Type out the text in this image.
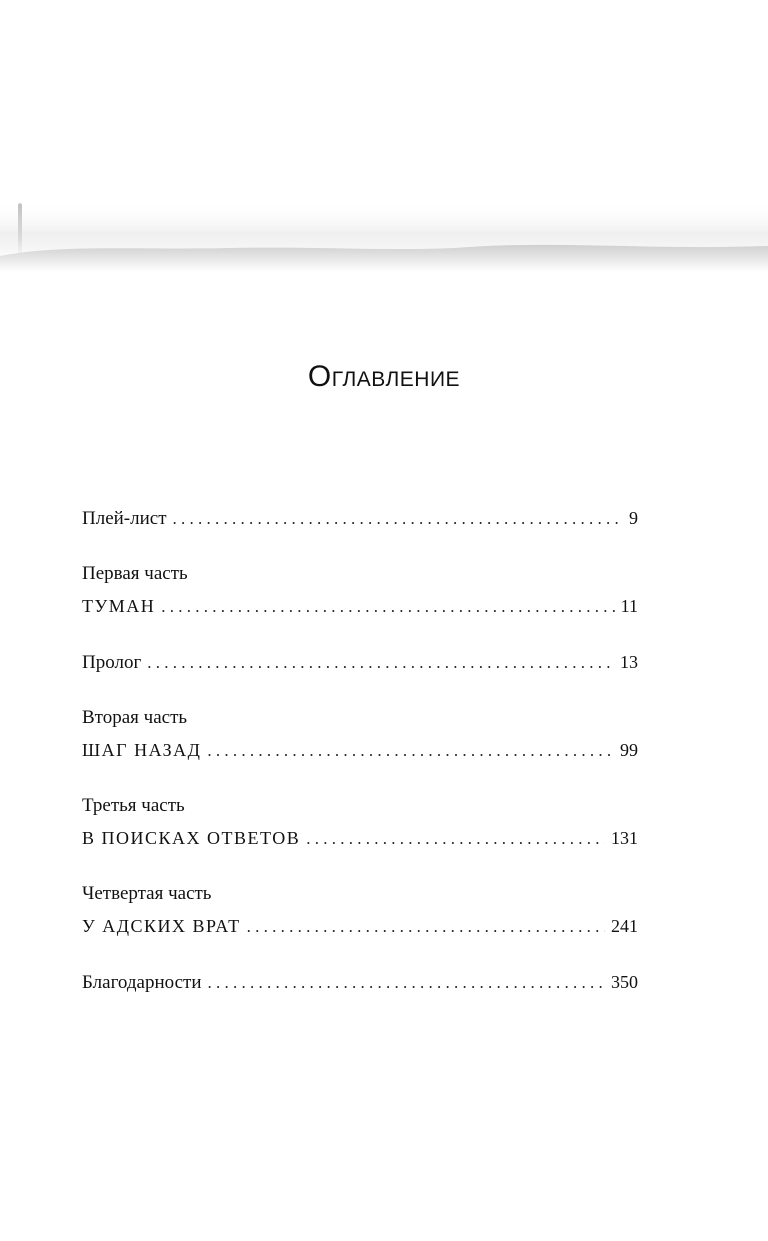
Оглавление
Плей-лист . . .	9
Первая часть
ТУМАН . . .	11
Пролог . . .	13
Вторая часть
ШАГ НАЗАД . . .	99
Третья часть
В ПОИСКАХ ОТВЕТОВ . . .	131
Четвертая часть
У АДСКИХ ВРАТ . . .	241
Благодарности . . .	350
